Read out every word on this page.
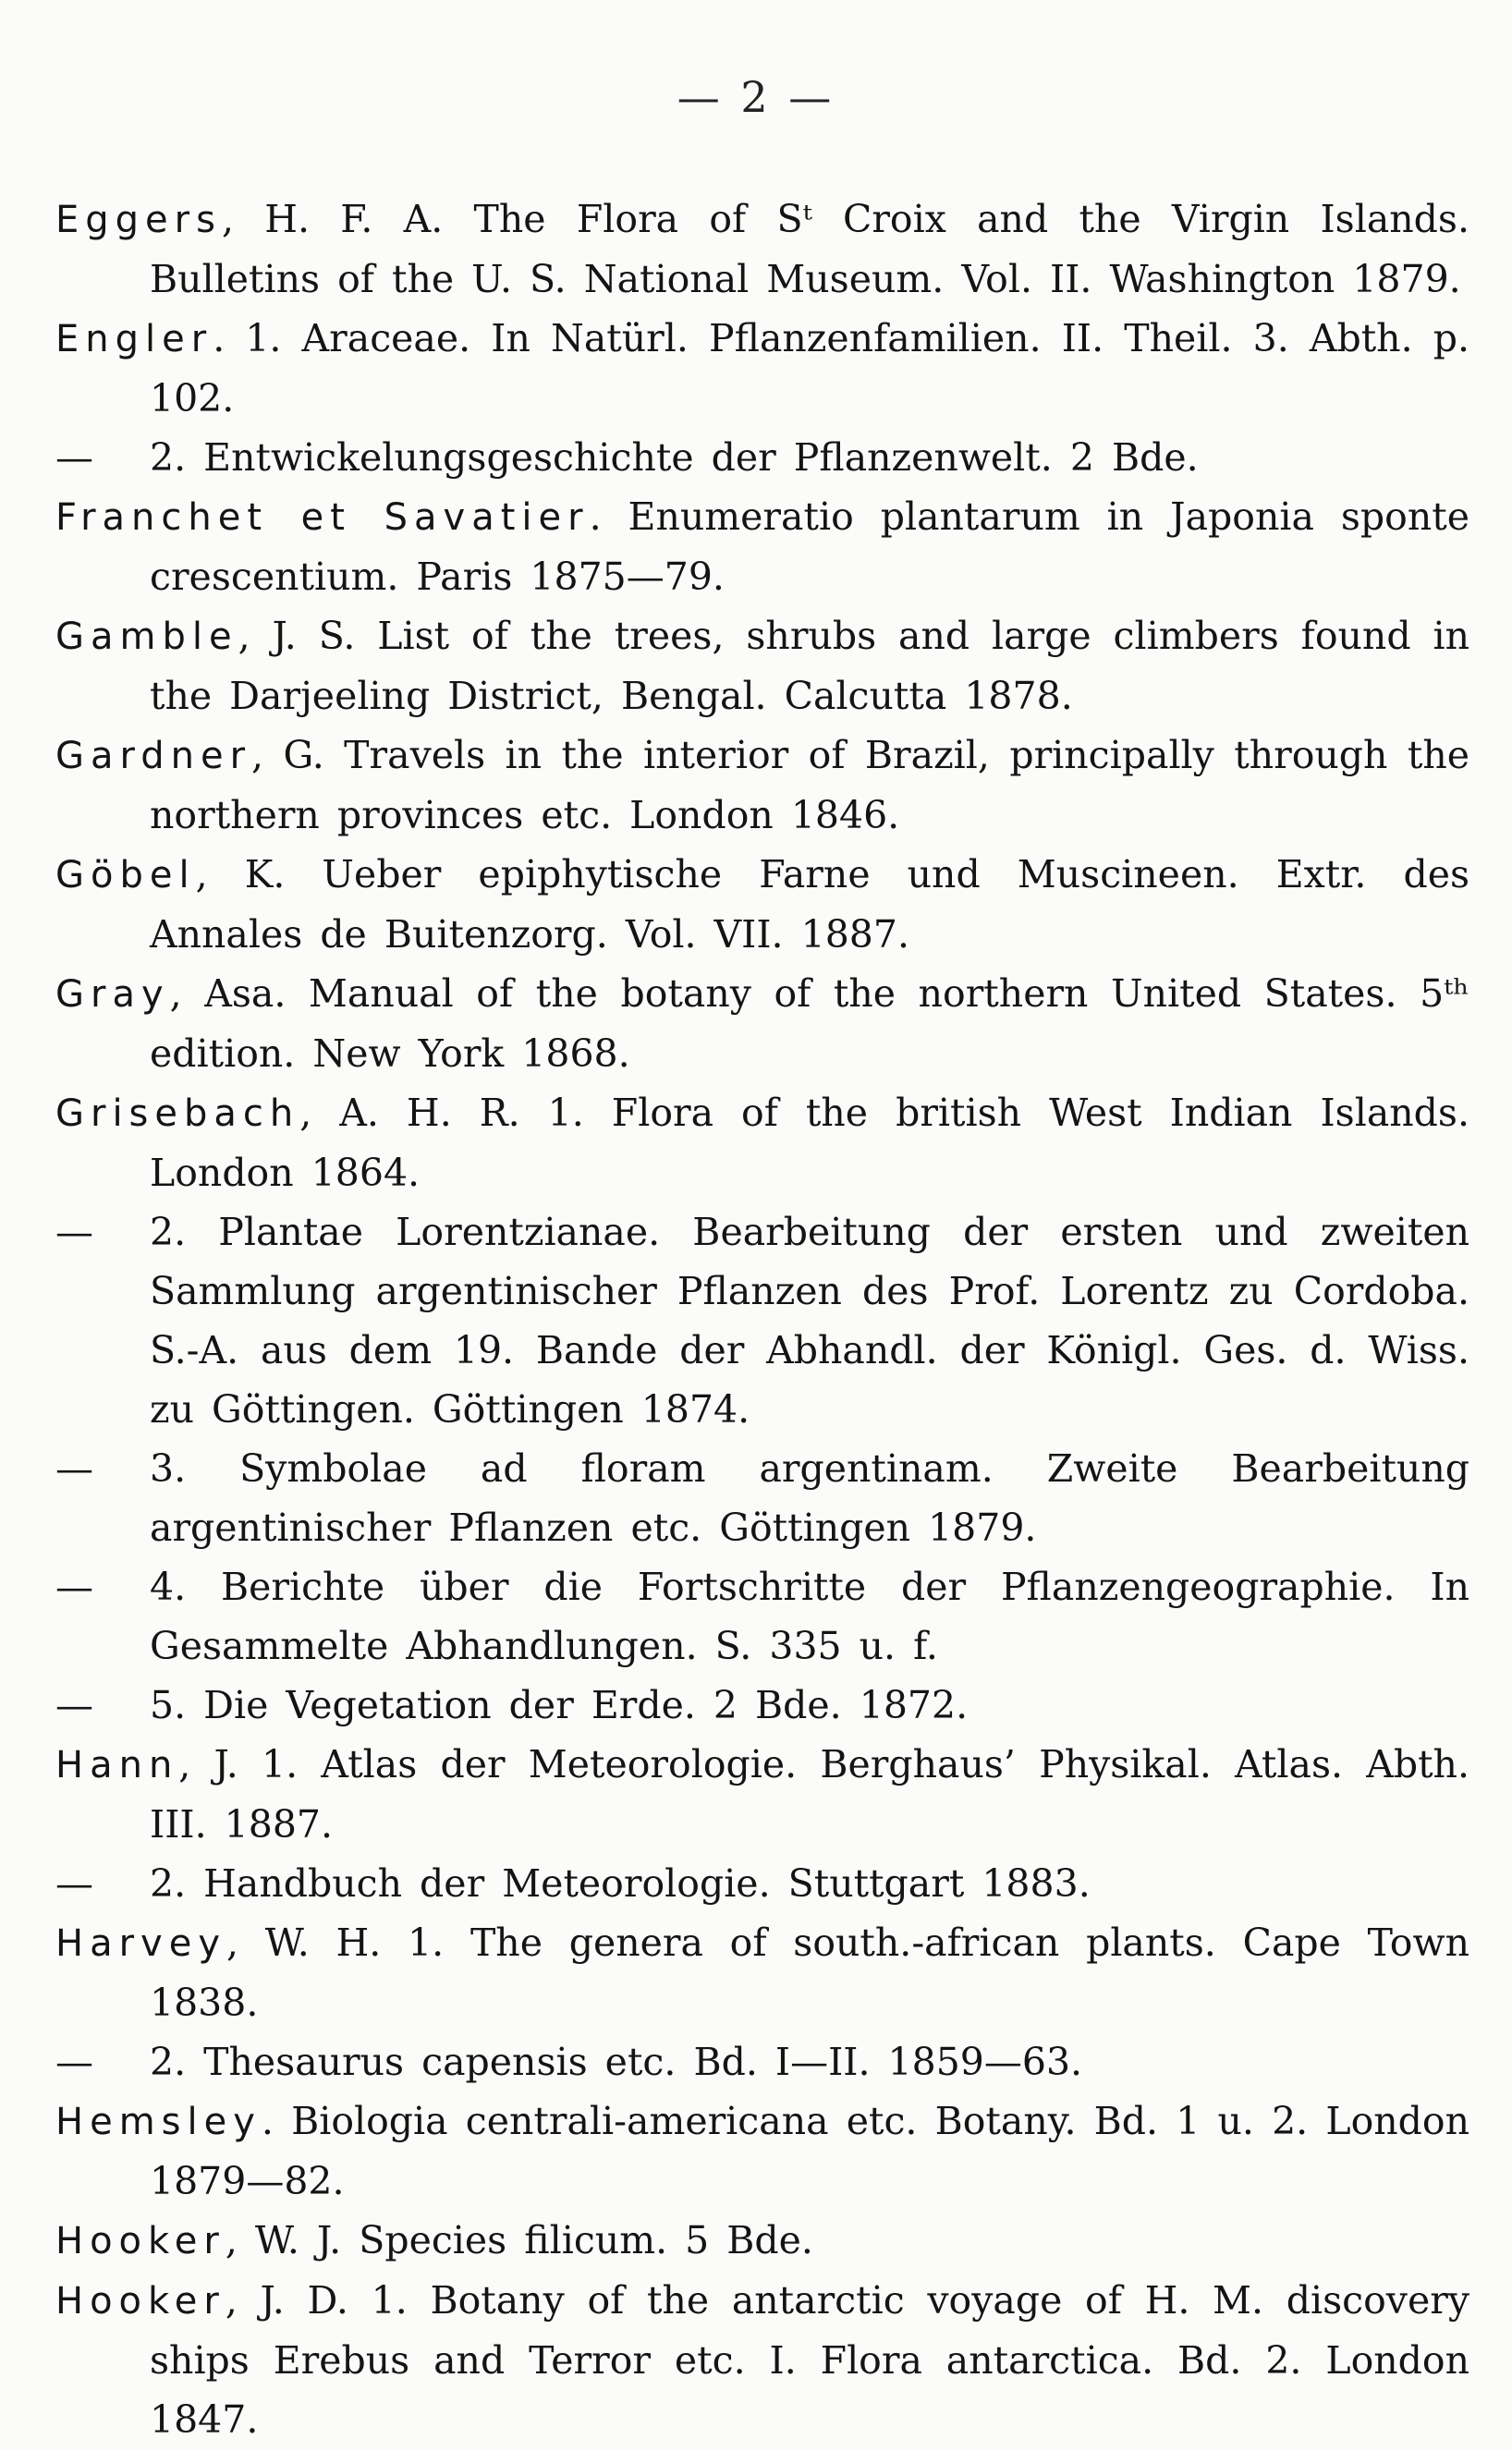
— 2 —
Eggers, H. F. A. The Flora of Sᵗ Croix and the Virgin Islands. Bulletins of the U. S. National Museum. Vol. II. Washington 1879.
Engler. 1. Araceae. In Natürl. Pflanzenfamilien. II. Theil. 3. Abth. p. 102.
— 2. Entwickelungsgeschichte der Pflanzenwelt. 2 Bde.
Franchet et Savatier. Enumeratio plantarum in Japonia sponte crescentium. Paris 1875—79.
Gamble, J. S. List of the trees, shrubs and large climbers found in the Darjeeling District, Bengal. Calcutta 1878.
Gardner, G. Travels in the interior of Brazil, principally through the northern provinces etc. London 1846.
Göbel, K. Ueber epiphytische Farne und Muscineen. Extr. des Annales de Buitenzorg. Vol. VII. 1887.
Gray, Asa. Manual of the botany of the northern United States. 5ᵗʰ edition. New York 1868.
Grisebach, A. H. R. 1. Flora of the british West Indian Islands. London 1864.
— 2. Plantae Lorentzianae. Bearbeitung der ersten und zweiten Sammlung argentinischer Pflanzen des Prof. Lorentz zu Cordoba. S.-A. aus dem 19. Bande der Abhandl. der Königl. Ges. d. Wiss. zu Göttingen. Göttingen 1874.
— 3. Symbolae ad floram argentinam. Zweite Bearbeitung argentinischer Pflanzen etc. Göttingen 1879.
— 4. Berichte über die Fortschritte der Pflanzengeographie. In Gesammelte Abhandlungen. S. 335 u. f.
— 5. Die Vegetation der Erde. 2 Bde. 1872.
Hann, J. 1. Atlas der Meteorologie. Berghaus’ Physikal. Atlas. Abth. III. 1887.
— 2. Handbuch der Meteorologie. Stuttgart 1883.
Harvey, W. H. 1. The genera of south.-african plants. Cape Town 1838.
— 2. Thesaurus capensis etc. Bd. I—II. 1859—63.
Hemsley. Biologia centrali-americana etc. Botany. Bd. 1 u. 2. London 1879—82.
Hooker, W. J. Species filicum. 5 Bde.
Hooker, J. D. 1. Botany of the antarctic voyage of H. M. discovery ships Erebus and Terror etc. I. Flora antarctica. Bd. 2. London 1847.
